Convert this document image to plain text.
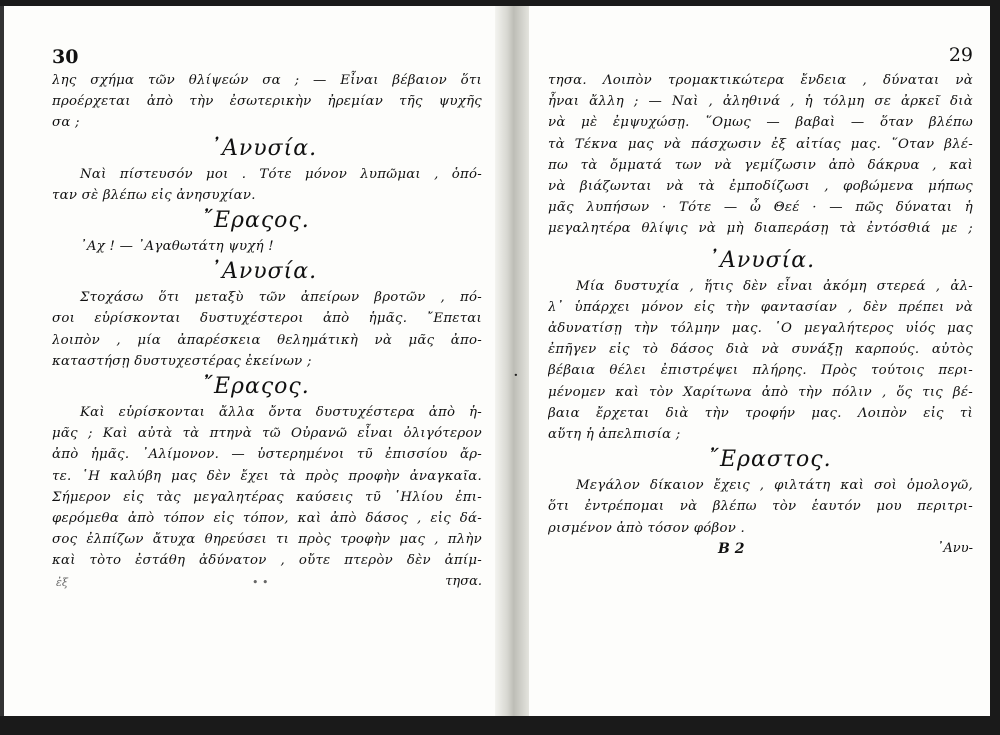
·
30
λης σχήμα τῶν θλίψεών σα ; — Εἶναι βέβαιον ὅτι
προέρχεται ἀπὸ τὴν ἐσωτερικὴν ἠρεμίαν τῆς ψυχῆς
σα ;
᾿Ανυσία.
Ναὶ πίστευσόν μοι . Τότε μόνον λυπῶμαι , ὁπό-
ταν σὲ βλέπω εἰς ἀνησυχίαν.
῎Εραςος.
᾿Αχ ! — ᾿Αγαθωτάτη ψυχή !
᾿Ανυσία.
Στοχάσω ὅτι μεταξὺ τῶν ἀπείρων βροτῶν , πό-
σοι εὑρίσκονται δυστυχέστεροι ἀπὸ ἡμᾶς. ῎Επεται
λοιπὸν , μία ἀπαρέσκεια θελημάτικὴ νὰ μᾶς ἀπο-
καταστήσῃ δυστυχεστέρας ἐκείνων ;
῎Εραςος.
Καὶ εὑρίσκονται ἄλλα ὄντα δυστυχέστερα ἀπὸ ἡ-
μᾶς ; Καὶ αὐτὰ τὰ πτηνὰ τῶ Οὐρανῶ εἶναι ὀλιγότερον
ἀπὸ ἡμᾶς. ᾿Αλίμονον. — ὑστερημένοι τῦ ἐπισσίου ἄρ-
τε. ῾Η καλύβη μας δὲν ἔχει τὰ πρὸς προφὴν ἀναγκαῖα.
Σήμερον εἰς τὰς μεγαλητέρας καύσεις τῦ ῾Ηλίου ἐπι-
φερόμεθα ἀπὸ τόπον εἰς τόπον, καὶ ἀπὸ δάσος , εἰς δά-
σος ἐλπίζων ἄτυχα θηρεύσει τι πρὸς τροφὴν μας , πλὴν
καὶ τὸτο ἐστάθη ἀδύνατον , οὔτε πτερὸν δὲν ἀπίμ-
ἐξ	• •	τησα.
29
τησα. Λοιπὸν τρομακτικώτερα ἔνδεια , δύναται νὰ
ἦναι ἄλλη ; — Ναὶ , ἀληθινά , ἡ τόλμη σε ἀρκεῖ διὰ
νὰ μὲ ἐμψυχώσῃ. ῞Ομως — βαβαὶ — ὅταν βλέπω
τὰ Τέκνα μας νὰ πάσχωσιν ἐξ αἰτίας μας. ῞Οταν βλέ-
πω τὰ ὄμματά των νὰ γεμίζωσιν ἀπὸ δάκρυα , καὶ
νὰ βιάζωνται νὰ τὰ ἐμποδίζωσι , φοβώμενα μήπως
μᾶς λυπήσων · Τότε — ὦ Θεέ · — πῶς δύναται ἡ
μεγαλητέρα θλίψις νὰ μὴ διαπεράσῃ τὰ ἐντόσθιά με ;
᾿Ανυσία.
Μία δυστυχία , ἥτις δὲν εἶναι ἀκόμη στερεά , ἀλ-
λ᾿ ὑπάρχει μόνον εἰς τὴν φαντασίαν , δὲν πρέπει νὰ
ἀδυνατίσῃ τὴν τόλμην μας. ῾Ο μεγαλήτερος υἱός μας
ἐπῆγεν εἰς τὸ δάσος διὰ νὰ συνάξῃ καρπούς. αὐτὸς
βέβαια θέλει ἐπιστρέψει πλήρης. Πρὸς τούτοις περι-
μένομεν καὶ τὸν Χαρίτωνα ἀπὸ τὴν πόλιν , ὅς τις βέ-
βαια ἔρχεται διὰ τὴν τροφήν μας. Λοιπὸν εἰς τὶ
αὕτη ἡ ἀπελπισία ;
῎Εραστος.
Μεγάλον δίκαιον ἔχεις , φιλτάτη καὶ σοὶ ὁμολογῶ,
ὅτι ἐντρέπομαι νὰ βλέπω τὸν ἑαυτόν μου περιτρι-
ρισμένον ἀπὸ τόσον φόβον .
B 2	᾿Ανυ-
